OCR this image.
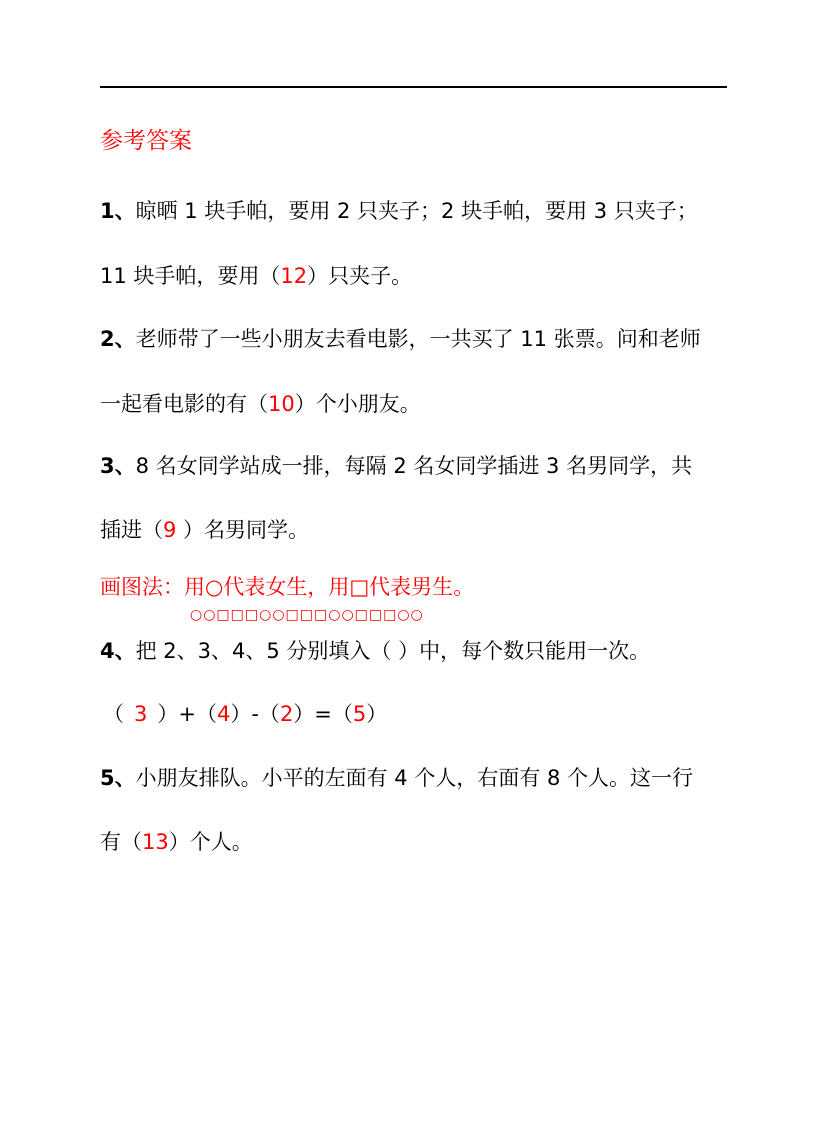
参考答案
1、晾晒 1 块手帕，要用 2 只夹子；2 块手帕，要用 3 只夹子；
11 块手帕，要用（12）只夹子。
2、老师带了一些小朋友去看电影，一共买了 11 张票。问和老师
一起看电影的有（10）个小朋友。
3、8 名女同学站成一排，每隔 2 名女同学插进 3 名男同学，共
插进（9 ）名男同学。
画图法：用○代表女生，用□代表男生。
○○□□□○○□□□○○□□□○○
4、把 2、3、4、5 分别填入（ ）中，每个数只能用一次。
（ 3 ）+（4）-（2）=（5）
5、小朋友排队。小平的左面有 4 个人，右面有 8 个人。这一行
有（13）个人。
